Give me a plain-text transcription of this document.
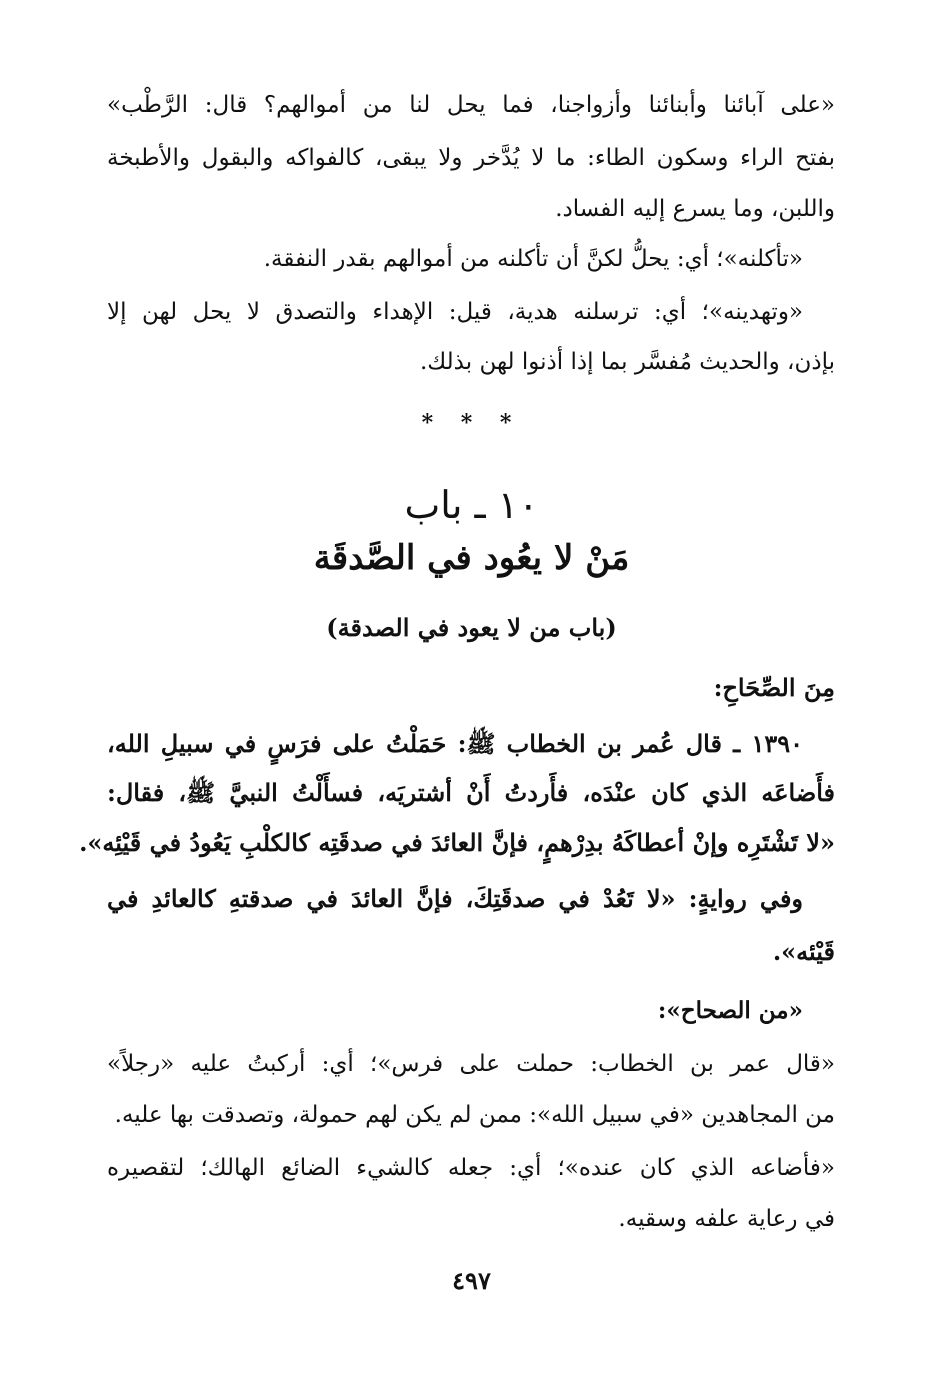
«على آبائنا وأبنائنا وأزواجنا، فما يحل لنا من أموالهم؟ قال: الرَّطْب»
بفتح الراء وسكون الطاء: ما لا يُدَّخر ولا يبقى، كالفواكه والبقول والأطبخة
واللبن، وما يسرع إليه الفساد.
«تأكلنه»؛ أي: يحلُّ لكنَّ أن تأكلنه من أموالهم بقدر النفقة.
«وتهدينه»؛ أي: ترسلنه هدية، قيل: الإهداء والتصدق لا يحل لهن إلا
بإذن، والحديث مُفسَّر بما إذا أذنوا لهن بذلك.
* * *
١٠ ـ باب
مَنْ لا يعُود في الصَّدقَة
(باب من لا يعود في الصدقة)
مِنَ الصِّحَاحِ:
١٣٩٠ ـ قال عُمر بن الخطاب ﷺ: حَمَلْتُ على فرَسٍ في سبيلِ الله،
فأَضاعَه الذي كان عنْدَه، فأَردتُ أَنْ أشتريَه، فسأَلْتُ النبيَّ ﷺ، فقال:
«لا تَشْتَرِه وإنْ أعطاكَهُ بدِرْهمٍ، فإنَّ العائدَ في صدقَتِه كالكلْبِ يَعُودُ في قَيْئِه».
وفي روايةٍ: «لا تَعُدْ في صدقَتِكَ، فإنَّ العائدَ في صدقتهِ كالعائدِ في
قَيْئه».
«من الصحاح»:
«قال عمر بن الخطاب: حملت على فرس»؛ أي: أركبتُ عليه «رجلاً»
من المجاهدين «في سبيل الله»: ممن لم يكن لهم حمولة، وتصدقت بها عليه.
«فأضاعه الذي كان عنده»؛ أي: جعله كالشيء الضائع الهالك؛ لتقصيره
في رعاية علفه وسقيه.
٤٩٧
